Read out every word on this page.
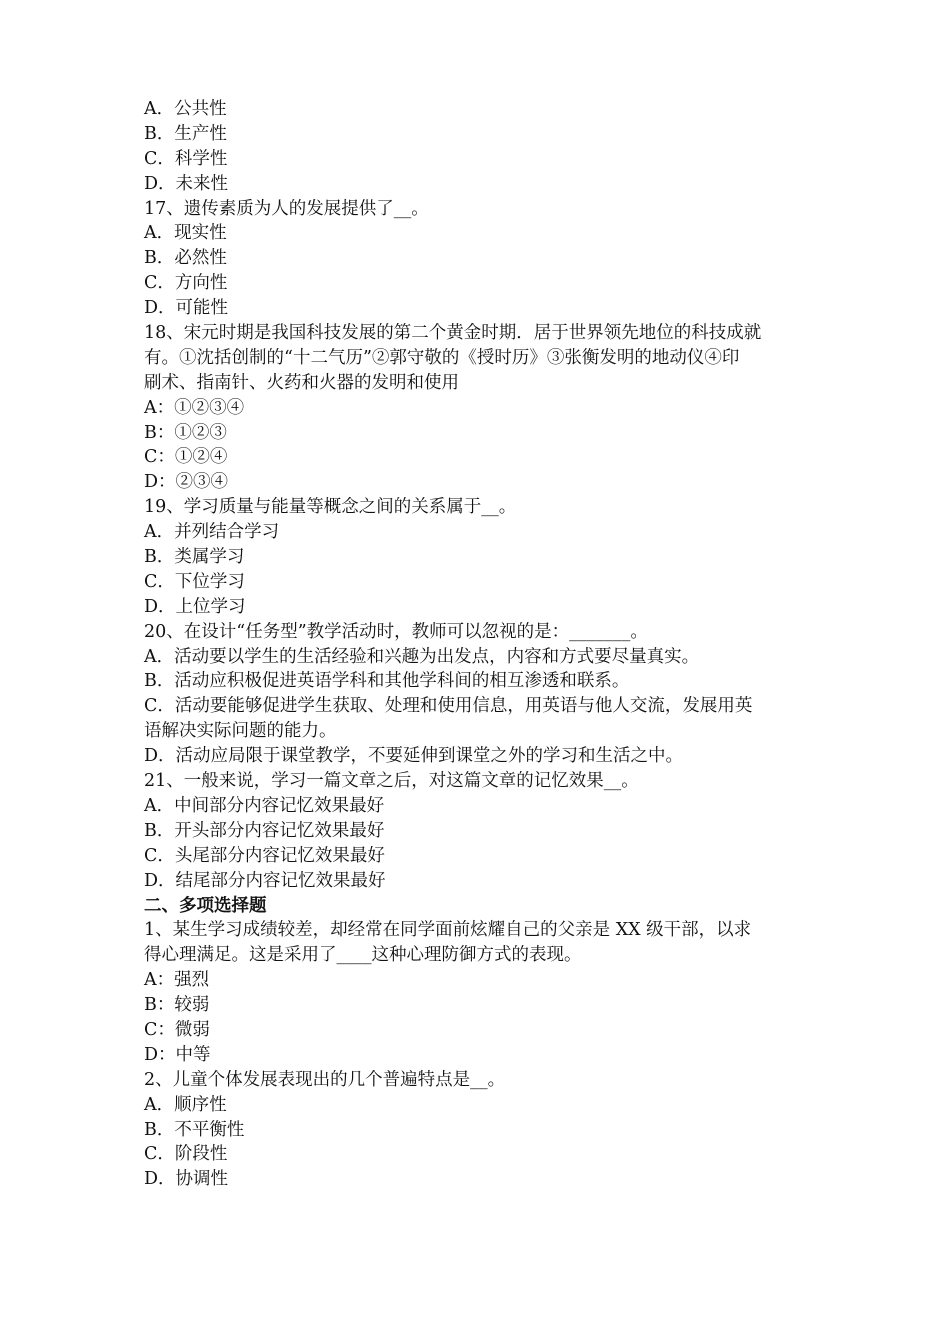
A．公共性
B．生产性
C．科学性
D．未来性
17、遗传素质为人的发展提供了__。
A．现实性
B．必然性
C．方向性
D．可能性
18、宋元时期是我国科技发展的第二个黄金时期．居于世界领先地位的科技成就
有。①沈括创制的“十二气历”②郭守敬的《授时历》③张衡发明的地动仪④印
刷术、指南针、火药和火器的发明和使用
A：①②③④
B：①②③
C：①②④
D：②③④
19、学习质量与能量等概念之间的关系属于__。
A．并列结合学习
B．类属学习
C．下位学习
D．上位学习
20、在设计“任务型”教学活动时，教师可以忽视的是：_______。
A．活动要以学生的生活经验和兴趣为出发点，内容和方式要尽量真实。
B．活动应积极促进英语学科和其他学科间的相互渗透和联系。
C．活动要能够促进学生获取、处理和使用信息，用英语与他人交流，发展用英
语解决实际问题的能力。
D．活动应局限于课堂教学，不要延伸到课堂之外的学习和生活之中。
21、一般来说，学习一篇文章之后，对这篇文章的记忆效果__。
A．中间部分内容记忆效果最好
B．开头部分内容记忆效果最好
C．头尾部分内容记忆效果最好
D．结尾部分内容记忆效果最好
二、多项选择题
1、某生学习成绩较差，却经常在同学面前炫耀自己的父亲是 XX 级干部，以求
得心理满足。这是采用了____这种心理防御方式的表现。
A：强烈
B：较弱
C：微弱
D：中等
2、儿童个体发展表现出的几个普遍特点是__。
A．顺序性
B．不平衡性
C．阶段性
D．协调性
